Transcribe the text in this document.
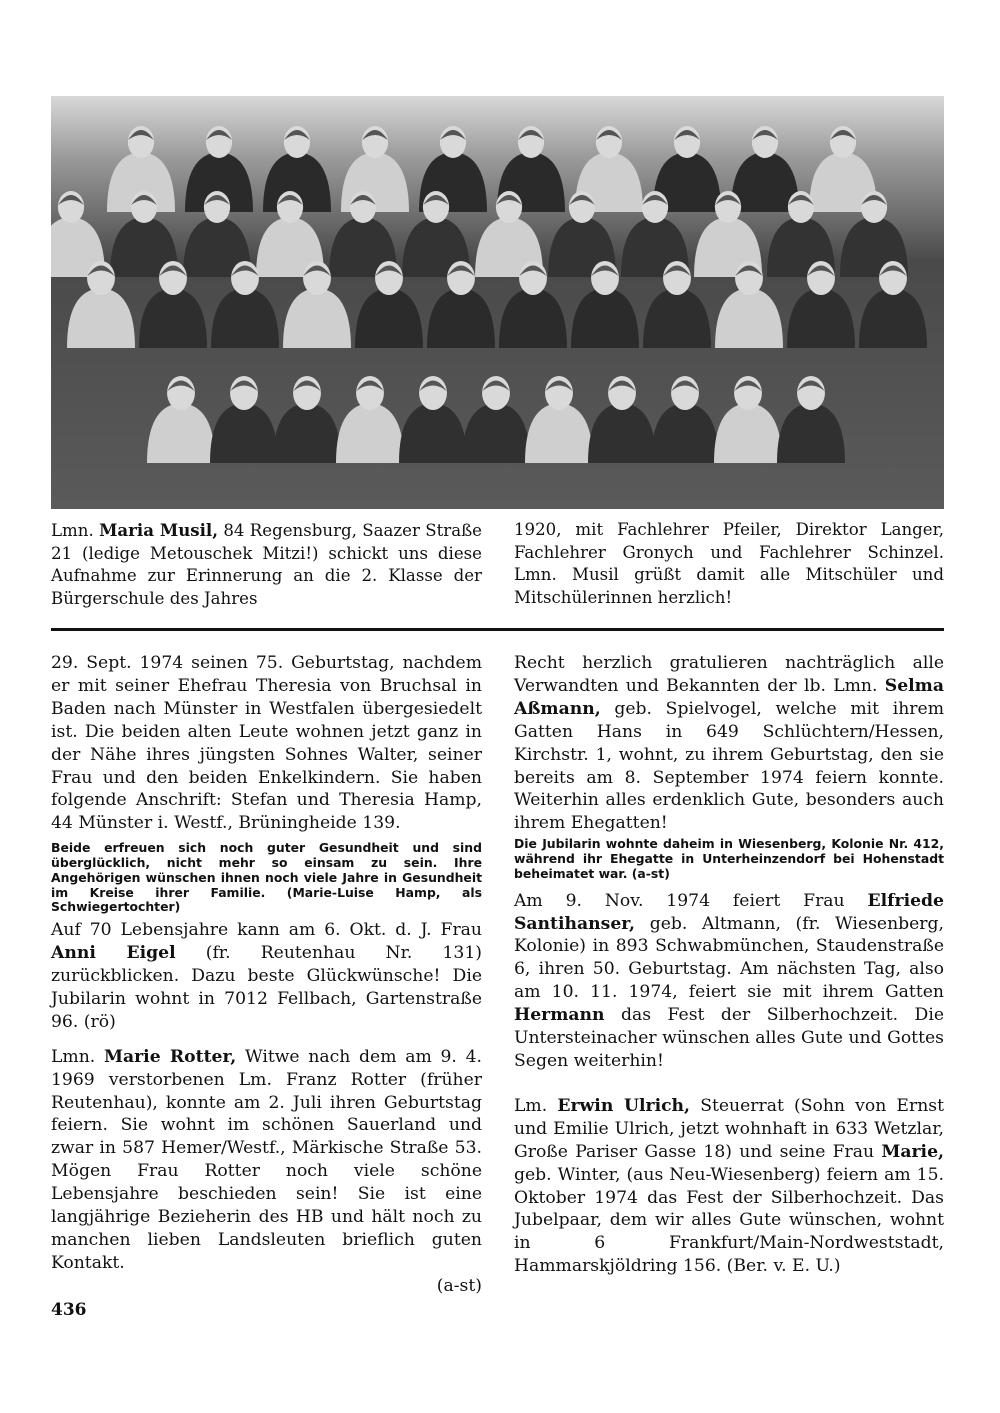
Lmn. Maria Musil, 84 Regensburg, Saazer Straße 21 (ledige Metouschek Mitzi!) schickt uns diese Aufnahme zur Erinnerung an die 2. Klasse der Bürgerschule des Jahres

1920, mit Fachlehrer Pfeiler, Direktor Langer, Fachlehrer Gronych und Fachlehrer Schinzel. Lmn. Musil grüßt damit alle Mitschüler und Mitschülerinnen herzlich!

29. Sept. 1974 seinen 75. Geburtstag, nachdem er mit seiner Ehefrau Theresia von Bruchsal in Baden nach Münster in Westfalen übergesiedelt ist. Die beiden alten Leute wohnen jetzt ganz in der Nähe ihres jüngsten Sohnes Walter, seiner Frau und den beiden Enkelkindern. Sie haben folgende Anschrift: Stefan und Theresia Hamp, 44 Münster i. Westf., Brüningheide 139.

Beide erfreuen sich noch guter Gesundheit und sind überglücklich, nicht mehr so einsam zu sein. Ihre Angehörigen wünschen ihnen noch viele Jahre in Gesundheit im Kreise ihrer Familie. (Marie-Luise Hamp, als Schwiegertochter)

Auf 70 Lebensjahre kann am 6. Okt. d. J. Frau Anni Eigel (fr. Reutenhau Nr. 131) zurückblicken. Dazu beste Glückwünsche! Die Jubilarin wohnt in 7012 Fellbach, Gartenstraße 96. (rö)

Lmn. Marie Rotter, Witwe nach dem am 9. 4. 1969 verstorbenen Lm. Franz Rotter (früher Reutenhau), konnte am 2. Juli ihren Geburtstag feiern. Sie wohnt im schönen Sauerland und zwar in 587 Hemer/Westf., Märkische Straße 53. Mögen Frau Rotter noch viele schöne Lebensjahre beschieden sein! Sie ist eine langjährige Bezieherin des HB und hält noch zu manchen lieben Landsleuten brieflich guten Kontakt.

(a-st)

Recht herzlich gratulieren nachträglich alle Verwandten und Bekannten der lb. Lmn. Selma Aßmann, geb. Spielvogel, welche mit ihrem Gatten Hans in 649 Schlüchtern/Hessen, Kirchstr. 1, wohnt, zu ihrem Geburtstag, den sie bereits am 8. September 1974 feiern konnte. Weiterhin alles erdenklich Gute, besonders auch ihrem Ehegatten!

Die Jubilarin wohnte daheim in Wiesenberg, Kolonie Nr. 412, während ihr Ehegatte in Unterheinzendorf bei Hohenstadt beheimatet war. (a-st)

Am 9. Nov. 1974 feiert Frau Elfriede Santihanser, geb. Altmann, (fr. Wiesenberg, Kolonie) in 893 Schwabmünchen, Staudenstraße 6, ihren 50. Geburtstag. Am nächsten Tag, also am 10. 11. 1974, feiert sie mit ihrem Gatten Hermann das Fest der Silberhochzeit. Die Untersteinacher wünschen alles Gute und Gottes Segen weiterhin!

Lm. Erwin Ulrich, Steuerrat (Sohn von Ernst und Emilie Ulrich, jetzt wohnhaft in 633 Wetzlar, Große Pariser Gasse 18) und seine Frau Marie, geb. Winter, (aus Neu-Wiesenberg) feiern am 15. Oktober 1974 das Fest der Silberhochzeit. Das Jubelpaar, dem wir alles Gute wünschen, wohnt in 6 Frankfurt/Main-Nordweststadt, Hammarskjöldring 156. (Ber. v. E. U.)

436
